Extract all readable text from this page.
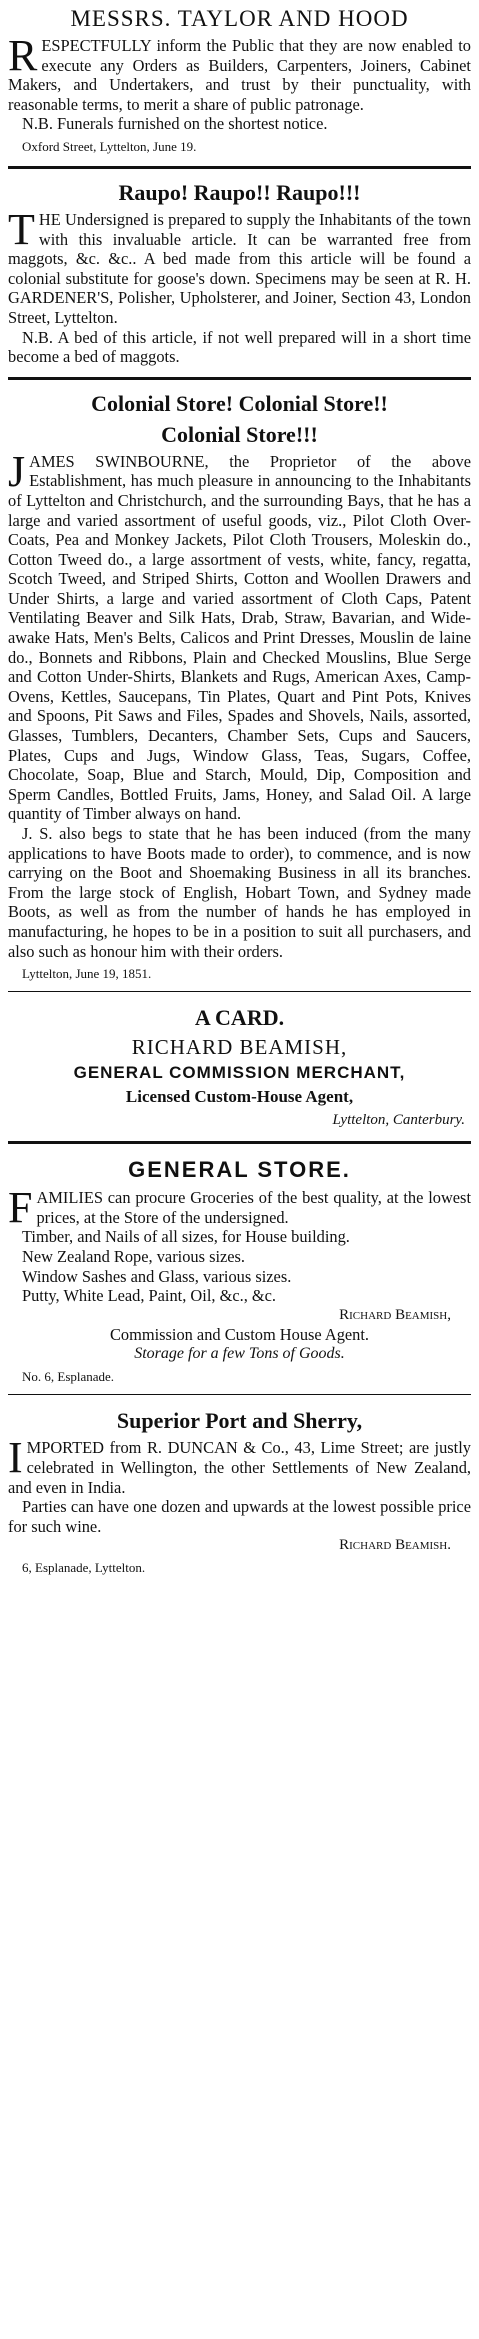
MESSRS. TAYLOR AND HOOD

RESPECTFULLY inform the Public that they are now enabled to execute any Orders as Builders, Carpenters, Joiners, Cabinet Makers, and Undertakers, and trust by their punctuality, with reasonable terms, to merit a share of public patronage.

N.B. Funerals furnished on the shortest notice.

Oxford Street, Lyttelton, June 19.
Raupo! Raupo!! Raupo!!!

THE Undersigned is prepared to supply the Inhabitants of the town with this invaluable article. It can be warranted free from maggots, &c. &c.. A bed made from this article will be found a colonial substitute for goose's down. Specimens may be seen at R. H. GARDENER'S, Polisher, Upholsterer, and Joiner, Section 43, London Street, Lyttelton.

N.B. A bed of this article, if not well prepared will in a short time become a bed of maggots.

Colonial Store! Colonial Store!!
Colonial Store!!!

JAMES SWINBOURNE, the Proprietor of the above Establishment, has much pleasure in announcing to the Inhabitants of Lyttelton and Christchurch, and the surrounding Bays, that he has a large and varied assortment of useful goods, viz., Pilot Cloth Over-Coats, Pea and Monkey Jackets, Pilot Cloth Trousers, Moleskin do., Cotton Tweed do., a large assortment of vests, white, fancy, regatta, Scotch Tweed, and Striped Shirts, Cotton and Woollen Drawers and Under Shirts, a large and varied assortment of Cloth Caps, Patent Ventilating Beaver and Silk Hats, Drab, Straw, Bavarian, and Wide-awake Hats, Men's Belts, Calicos and Print Dresses, Mouslin de laine do., Bonnets and Ribbons, Plain and Checked Mouslins, Blue Serge and Cotton Under-Shirts, Blankets and Rugs, American Axes, Camp-Ovens, Kettles, Saucepans, Tin Plates, Quart and Pint Pots, Knives and Spoons, Pit Saws and Files, Spades and Shovels, Nails, assorted, Glasses, Tumblers, Decanters, Chamber Sets, Cups and Saucers, Plates, Cups and Jugs, Window Glass, Teas, Sugars, Coffee, Chocolate, Soap, Blue and Starch, Mould, Dip, Composition and Sperm Candles, Bottled Fruits, Jams, Honey, and Salad Oil. A large quantity of Timber always on hand.

J. S. also begs to state that he has been induced (from the many applications to have Boots made to order), to commence, and is now carrying on the Boot and Shoemaking Business in all its branches. From the large stock of English, Hobart Town, and Sydney made Boots, as well as from the number of hands he has employed in manufacturing, he hopes to be in a position to suit all purchasers, and also such as honour him with their orders.

Lyttelton, June 19, 1851.
A CARD.
RICHARD BEAMISH,
GENERAL COMMISSION MERCHANT,
Licensed Custom-House Agent,
Lyttelton, Canterbury.
GENERAL STORE.

FAMILIES can procure Groceries of the best quality, at the lowest prices, at the Store of the undersigned.

Timber, and Nails of all sizes, for House building.
New Zealand Rope, various sizes.
Window Sashes and Glass, various sizes.
Putty, White Lead, Paint, Oil, &c., &c.
Richard Beamish,
Commission and Custom House Agent.
Storage for a few Tons of Goods.
No. 6, Esplanade.
Superior Port and Sherry,

IMPORTED from R. DUNCAN & Co., 43, Lime Street; are justly celebrated in Wellington, the other Settlements of New Zealand, and even in India.

Parties can have one dozen and upwards at the lowest possible price for such wine.

Richard Beamish.
6, Esplanade, Lyttelton.
